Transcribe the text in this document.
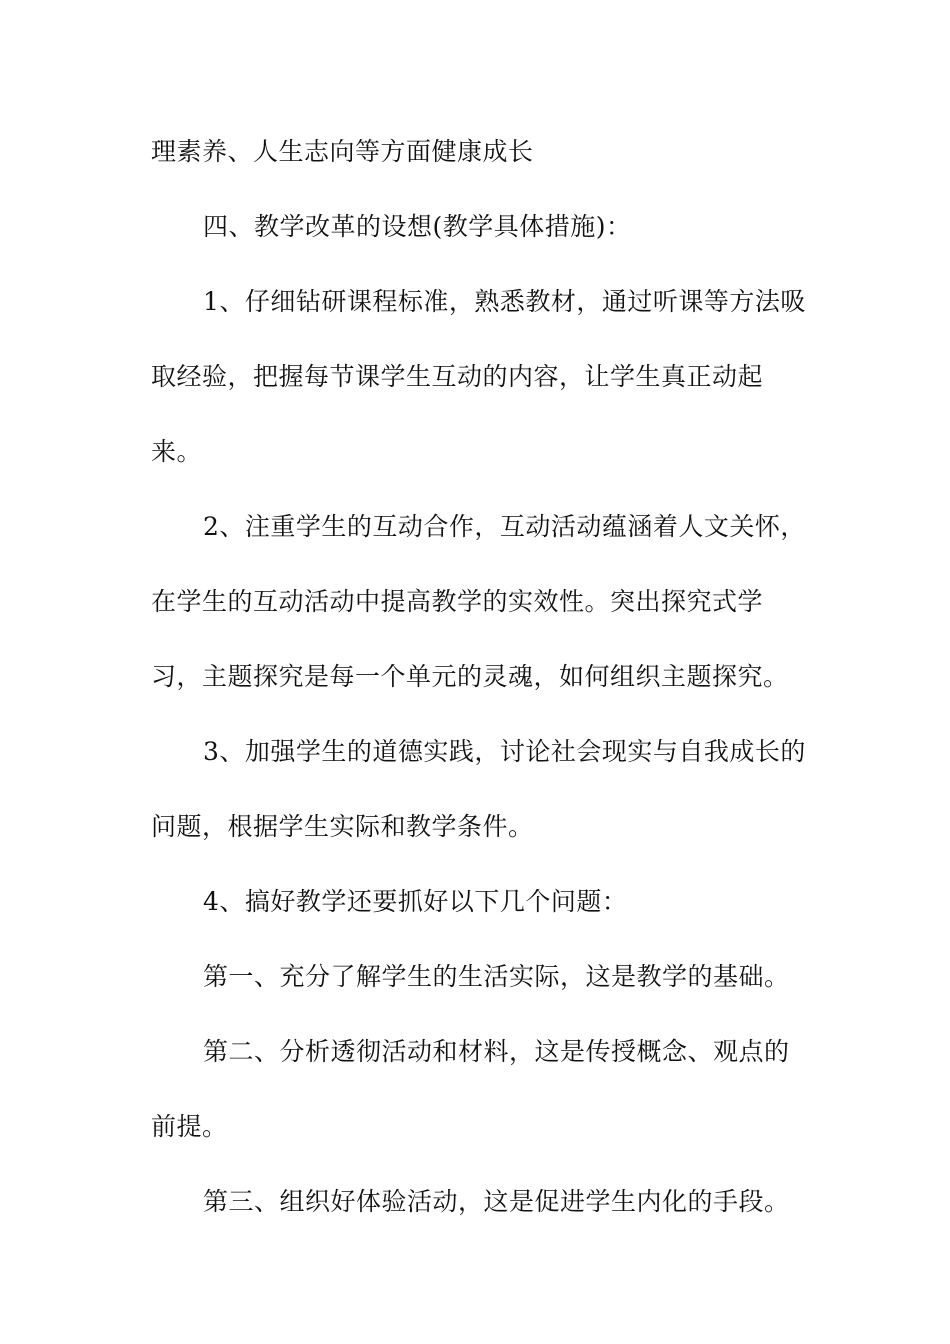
理素养、人生志向等方面健康成长
四、教学改革的设想(教学具体措施)：
1、仔细钻研课程标准，熟悉教材，通过听课等方法吸
取经验，把握每节课学生互动的内容，让学生真正动起
来。
2、注重学生的互动合作，互动活动蕴涵着人文关怀，
在学生的互动活动中提高教学的实效性。突出探究式学
习，主题探究是每一个单元的灵魂，如何组织主题探究。
3、加强学生的道德实践，讨论社会现实与自我成长的
问题，根据学生实际和教学条件。
4、搞好教学还要抓好以下几个问题：
第一、充分了解学生的生活实际，这是教学的基础。
第二、分析透彻活动和材料，这是传授概念、观点的
前提。
第三、组织好体验活动，这是促进学生内化的手段。
